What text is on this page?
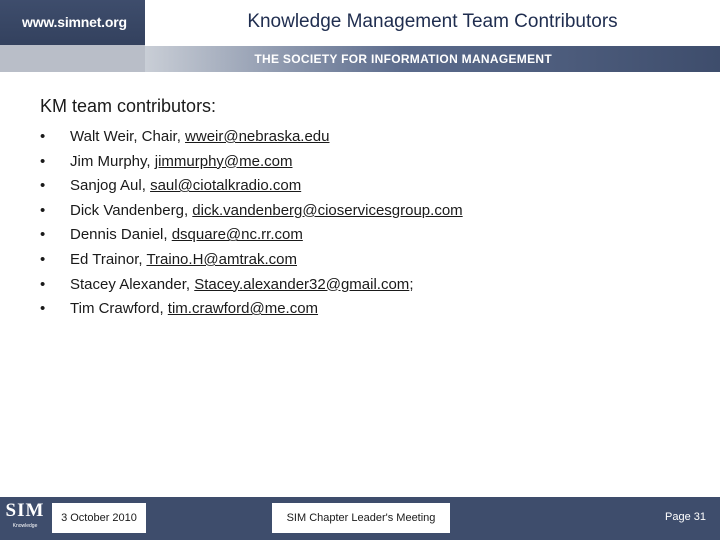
www.simnet.org	Knowledge Management Team Contributors
THE SOCIETY FOR INFORMATION MANAGEMENT
KM team contributors:
• Walt Weir, Chair, wweir@nebraska.edu
• Jim Murphy, jimmurphy@me.com
• Sanjog Aul, saul@ciotalkradio.com
• Dick Vandenberg, dick.vandenberg@cioservicesgroup.com
• Dennis Daniel, dsquare@nc.rr.com
• Ed Trainor, Traino.H@amtrak.com
• Stacey Alexander, Stacey.alexander32@gmail.com;
• Tim Crawford, tim.crawford@me.com
SIM
Knowledge
3 October 2010	SIM Chapter Leader's Meeting	Page 31
